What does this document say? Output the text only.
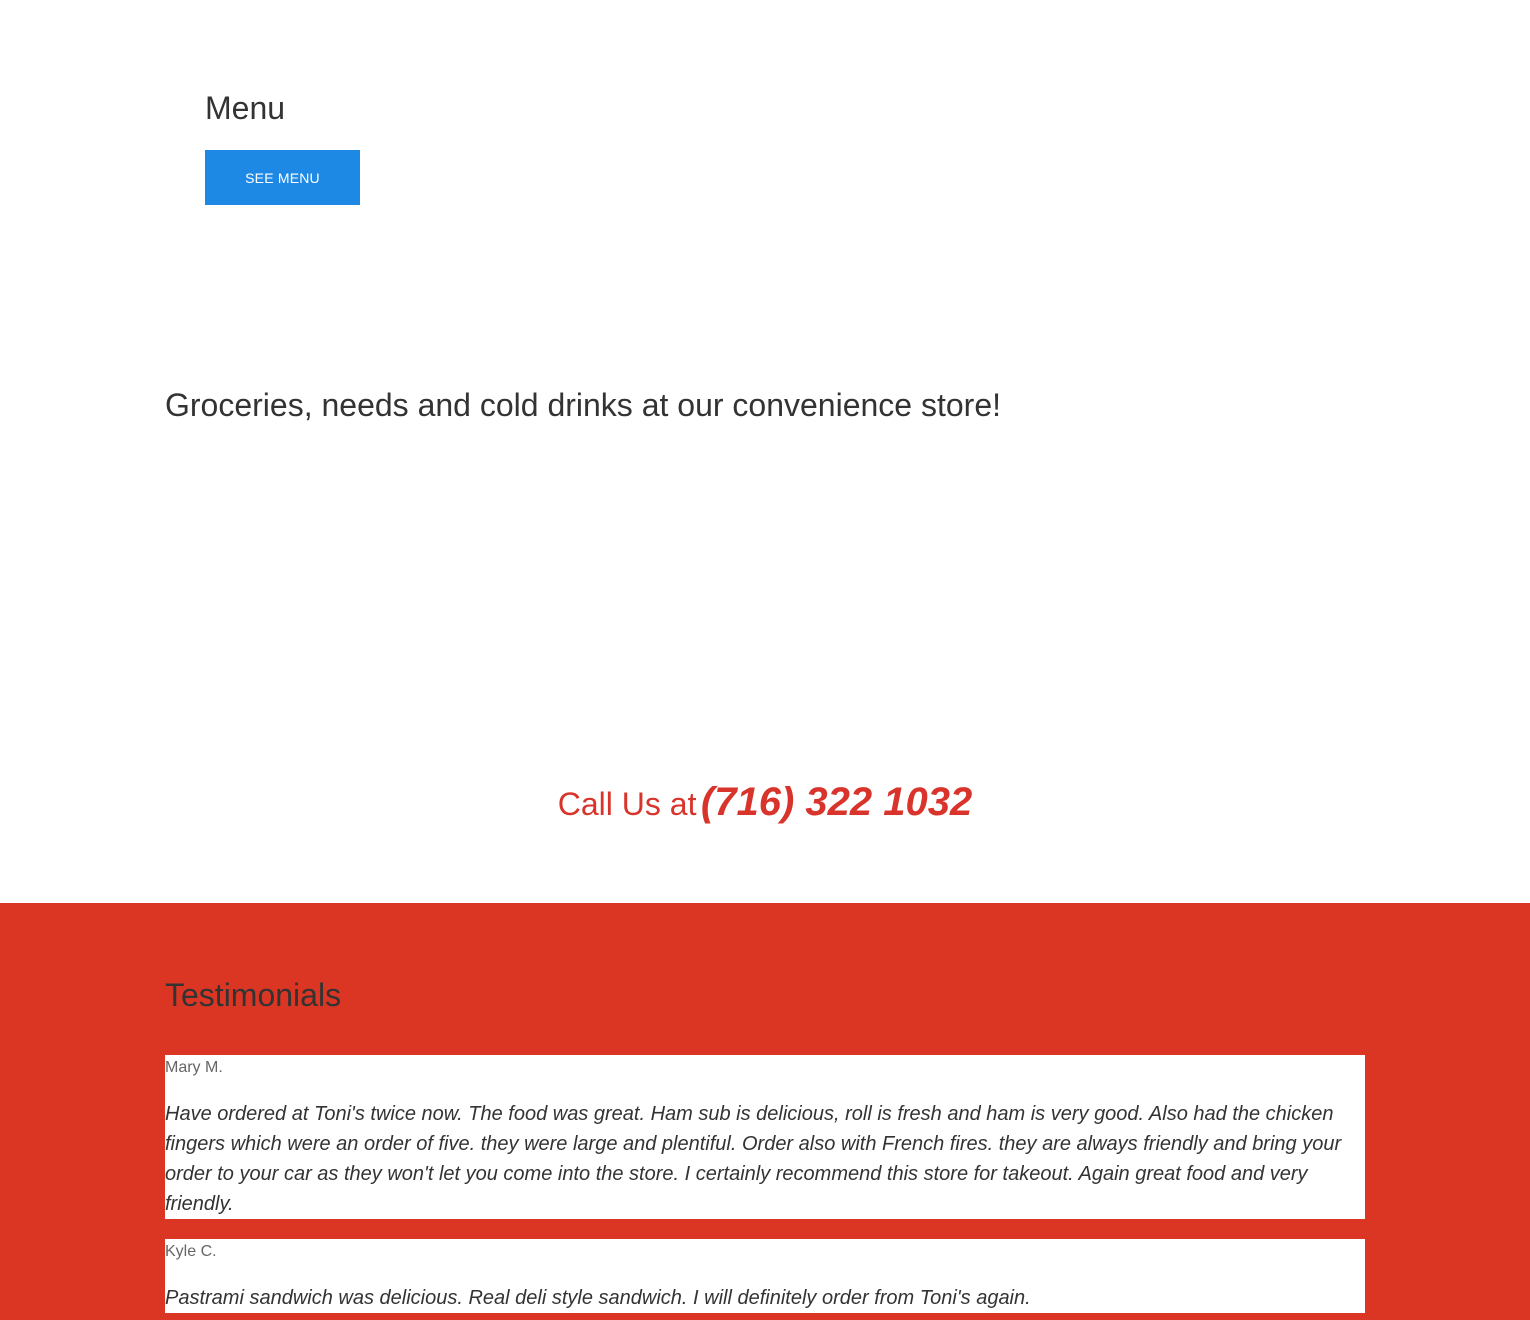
Menu
SEE MENU
Groceries, needs and cold drinks at our convenience store!
Call Us at (716) 322 1032
Testimonials
Mary M.

Have ordered at Toni's twice now. The food was great. Ham sub is delicious, roll is fresh and ham is very good. Also had the chicken fingers which were an order of five. they were large and plentiful. Order also with French fires. they are always friendly and bring your order to your car as they won't let you come into the store. I certainly recommend this store for takeout. Again great food and very friendly.

Kyle C.

Pastrami sandwich was delicious. Real deli style sandwich. I will definitely order from Toni's again.
